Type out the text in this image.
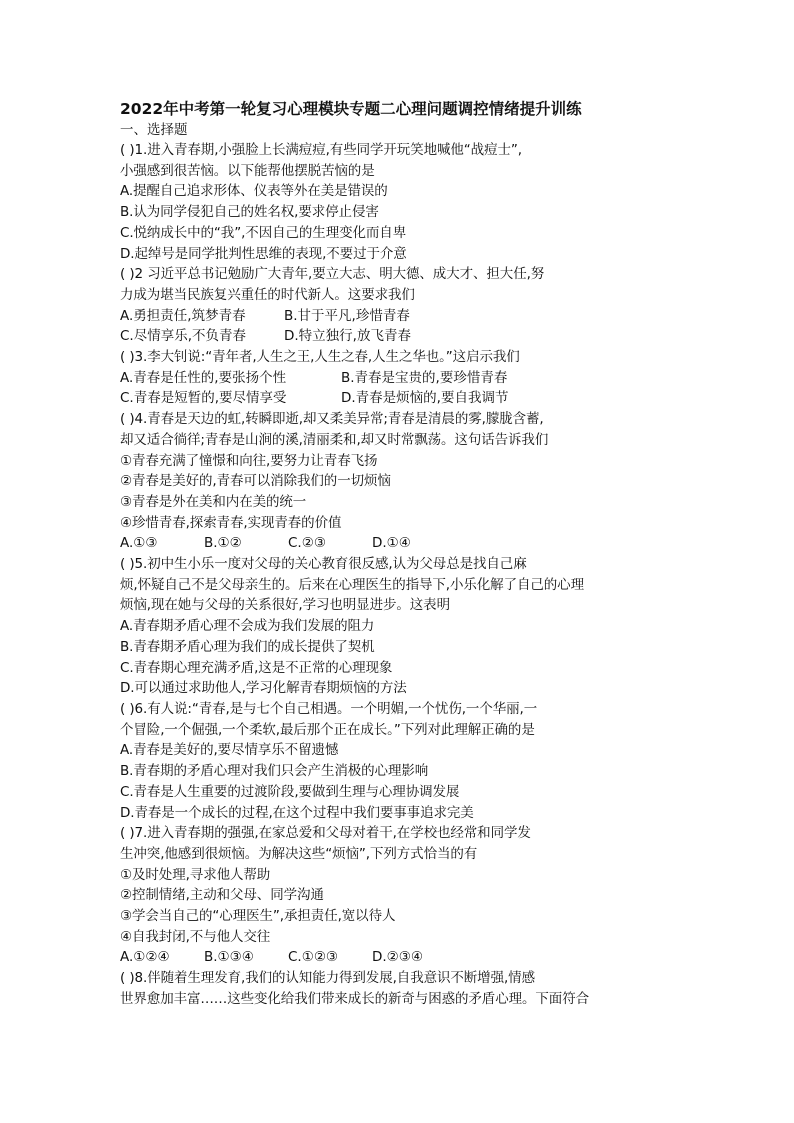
2022年中考第一轮复习心理模块专题二心理问题调控情绪提升训练
一、选择题
( )1.进入青春期,小强脸上长满痘痘,有些同学开玩笑地喊他“战痘士”,
小强感到很苦恼。以下能帮他摆脱苦恼的是
A.提醒自己追求形体、仪表等外在美是错误的
B.认为同学侵犯自己的姓名权,要求停止侵害
C.悦纳成长中的“我”,不因自己的生理变化而自卑
D.起绰号是同学批判性思维的表现,不要过于介意
( )2 习近平总书记勉励广大青年,要立大志、明大德、成大才、担大任,努
力成为堪当民族复兴重任的时代新人。这要求我们
A.勇担责任,筑梦青春	B.甘于平凡,珍惜青春
C.尽情享乐,不负青春	D.特立独行,放飞青春
( )3.李大钊说:“青年者,人生之王,人生之春,人生之华也。”这启示我们
A.青春是任性的,要张扬个性	B.青春是宝贵的,要珍惜青春
C.青春是短暂的,要尽情享受	D.青春是烦恼的,要自我调节
( )4.青春是天边的虹,转瞬即逝,却又柔美异常;青春是清晨的雾,朦胧含蓄,
却又适合徜徉;青春是山涧的溪,清丽柔和,却又时常飘荡。这句话告诉我们
①青春充满了憧憬和向往,要努力让青春飞扬
②青春是美好的,青春可以消除我们的一切烦恼
③青春是外在美和内在美的统一
④珍惜青春,探索青春,实现青春的价值
A.①③	B.①②	C.②③	D.①④
( )5.初中生小乐一度对父母的关心教育很反感,认为父母总是找自己麻
烦,怀疑自己不是父母亲生的。后来在心理医生的指导下,小乐化解了自己的心理
烦恼,现在她与父母的关系很好,学习也明显进步。这表明
A.青春期矛盾心理不会成为我们发展的阻力
B.青春期矛盾心理为我们的成长提供了契机
C.青春期心理充满矛盾,这是不正常的心理现象
D.可以通过求助他人,学习化解青春期烦恼的方法
( )6.有人说:“青春,是与七个自己相遇。一个明媚,一个忧伤,一个华丽,一
个冒险,一个倔强,一个柔软,最后那个正在成长。”下列对此理解正确的是
A.青春是美好的,要尽情享乐不留遗憾
B.青春期的矛盾心理对我们只会产生消极的心理影响
C.青春是人生重要的过渡阶段,要做到生理与心理协调发展
D.青春是一个成长的过程,在这个过程中我们要事事追求完美
( )7.进入青春期的强强,在家总爱和父母对着干,在学校也经常和同学发
生冲突,他感到很烦恼。为解决这些“烦恼”,下列方式恰当的有
①及时处理,寻求他人帮助
②控制情绪,主动和父母、同学沟通
③学会当自己的“心理医生”,承担责任,宽以待人
④自我封闭,不与他人交往
A.①②④	B.①③④	C.①②③	D.②③④
( )8.伴随着生理发育,我们的认知能力得到发展,自我意识不断增强,情感
世界愈加丰富……这些变化给我们带来成长的新奇与困惑的矛盾心理。下面符合
